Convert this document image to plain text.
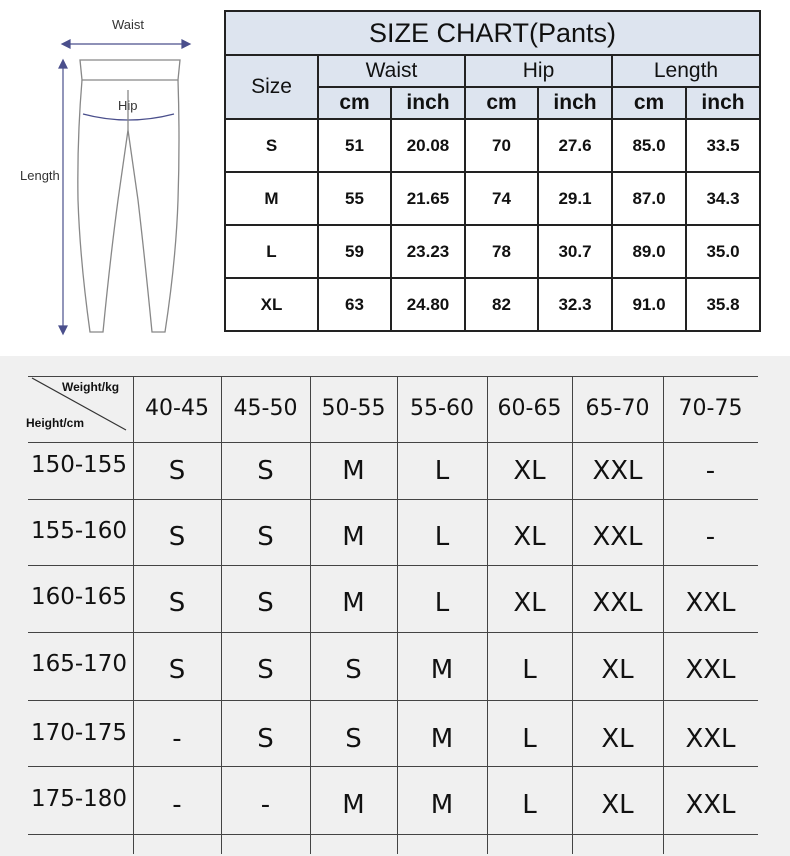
Waist
Hip
Length
SIZE CHART(Pants)						
Size	Waist		Hip		Length	
	cm	inch	cm	inch	cm	inch
S	51	20.08	70	27.6	85.0	33.5
M	55	21.65	74	29.1	87.0	34.3
L	59	23.23	78	30.7	89.0	35.0
XL	63	24.80	82	32.3	91.0	35.8
Weight/kg
Height/cm
40-45	45-50	50-55	55-60	60-65	65-70	70-75
150-155	S	S	M	L	XL	XXL	-
155-160	S	S	M	L	XL	XXL	-
160-165	S	S	M	L	XL	XXL	XXL
165-170	S	S	S	M	L	XL	XXL
170-175	-	S	S	M	L	XL	XXL
175-180	-	-	M	M	L	XL	XXL
